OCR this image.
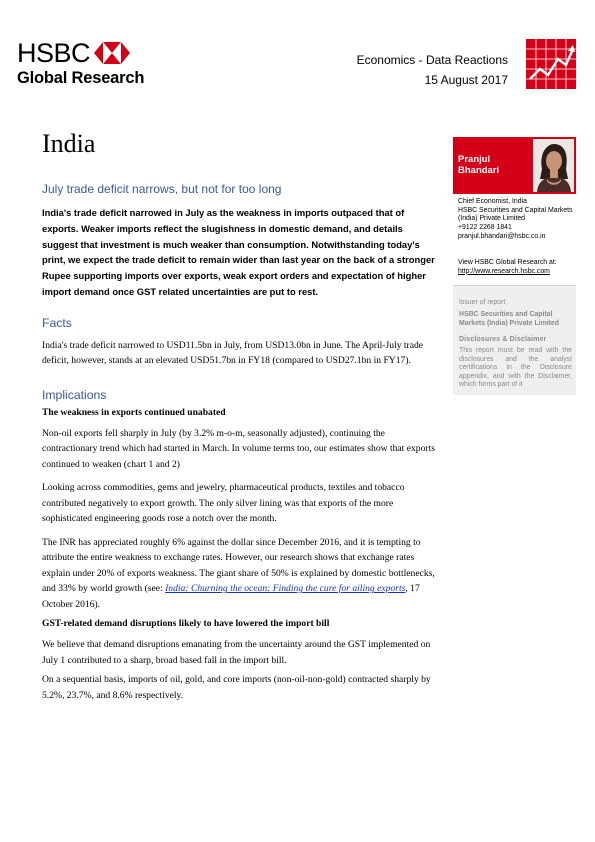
HSBC
Global Research
Economics - Data Reactions
15 August 2017
India
July trade deficit narrows, but not for too long

India's trade deficit narrowed in July as the weakness in imports outpaced that of exports. Weaker imports reflect the slugishness in domestic demand, and details suggest that investment is much weaker than consumption. Notwithstanding today's print, we expect the trade deficit to remain wider than last year on the back of a stronger Rupee supporting imports over exports, weak export orders and expectation of higher import demand once GST related uncertainties are put to rest.

Facts

India's trade deficit narrowed to USD11.5bn in July, from USD13.0bn in June. The April-July trade deficit, however, stands at an elevated USD51.7bn in FY18 (compared to USD27.1bn in FY17).

Implications
The weakness in exports continued unabated

Non-oil exports fell sharply in July (by 3.2% m-o-m, seasonally adjusted), continuing the contractionary trend which had started in March. In volume terms too, our estimates show that exports continued to weaken (chart 1 and 2)

Looking across commodities, gems and jewelry, pharmaceutical products, textiles and tobacco contributed negatively to export growth. The only silver lining was that exports of the more sophisticated engineering goods rose a notch over the month.

The INR has appreciated roughly 6% against the dollar since December 2016, and it is tempting to attribute the entire weakness to exchange rates. However, our research shows that exchange rates explain under 20% of exports weakness. The giant share of 50% is explained by domestic bottlenecks, and 33% by world growth (see: India: Churning the ocean: Finding the cure for ailing exports, 17 October 2016).

GST-related demand disruptions likely to have lowered the import bill

We believe that demand disruptions emanating from the uncertainty around the GST implemented on July 1 contributed to a sharp, broad based fall in the import bill.

On a sequential basis, imports of oil, gold, and core imports (non-oil-non-gold) contracted sharply by 5.2%, 23.7%, and 8.6% respectively.

Pranjul
Bhandari
Chief Economist, India
HSBC Securities and Capital Markets (India) Private Limited
+9122 2268 1841
pranjul.bhandari@hsbc.co.in
View HSBC Global Research at:
http://www.research.hsbc.com
Issuer of report
HSBC Securities and Capital Markets (India) Private Limited
Disclosures & Disclaimer
This report must be read with the disclosures and the analyst certifications in the Disclosure appendix, and with the Disclaimer, which forms part of it
